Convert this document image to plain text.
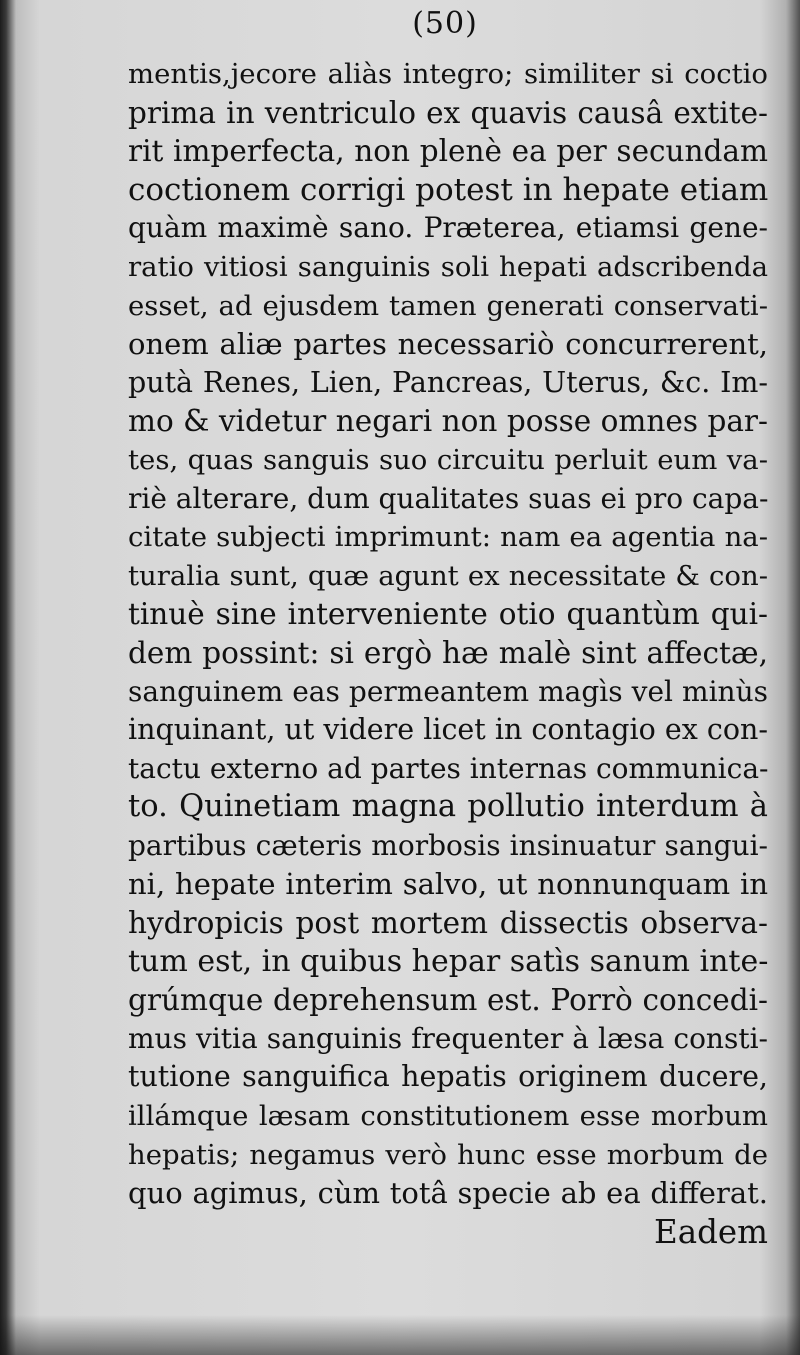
(50)
mentis,jecore aliàs integro; similiter si coctio
prima in ventriculo ex quavis causâ extite-
rit imperfecta, non plenè ea per secundam
coctionem corrigi potest in hepate etiam
quàm maximè sano. Præterea, etiamsi gene-
ratio vitiosi sanguinis soli hepati adscribenda
esset, ad ejusdem tamen generati conservati-
onem aliæ partes necessariò concurrerent,
putà Renes, Lien, Pancreas, Uterus, &c. Im-
mo & videtur negari non posse omnes par-
tes, quas sanguis suo circuitu perluit eum va-
riè alterare, dum qualitates suas ei pro capa-
citate subjecti imprimunt: nam ea agentia na-
turalia sunt, quæ agunt ex necessitate & con-
tinuè sine interveniente otio quantùm qui-
dem possint: si ergò hæ malè sint affectæ,
sanguinem eas permeantem magìs vel minùs
inquinant, ut videre licet in contagio ex con-
tactu externo ad partes internas communica-
to. Quinetiam magna pollutio interdum à
partibus cæteris morbosis insinuatur sangui-
ni, hepate interim salvo, ut nonnunquam in
hydropicis post mortem dissectis observa-
tum est, in quibus hepar satìs sanum inte-
grúmque deprehensum est. Porrò concedi-
mus vitia sanguinis frequenter à læsa consti-
tutione sanguifica hepatis originem ducere,
illámque læsam constitutionem esse morbum
hepatis; negamus verò hunc esse morbum de
quo agimus, cùm totâ specie ab ea differat.
Eadem
